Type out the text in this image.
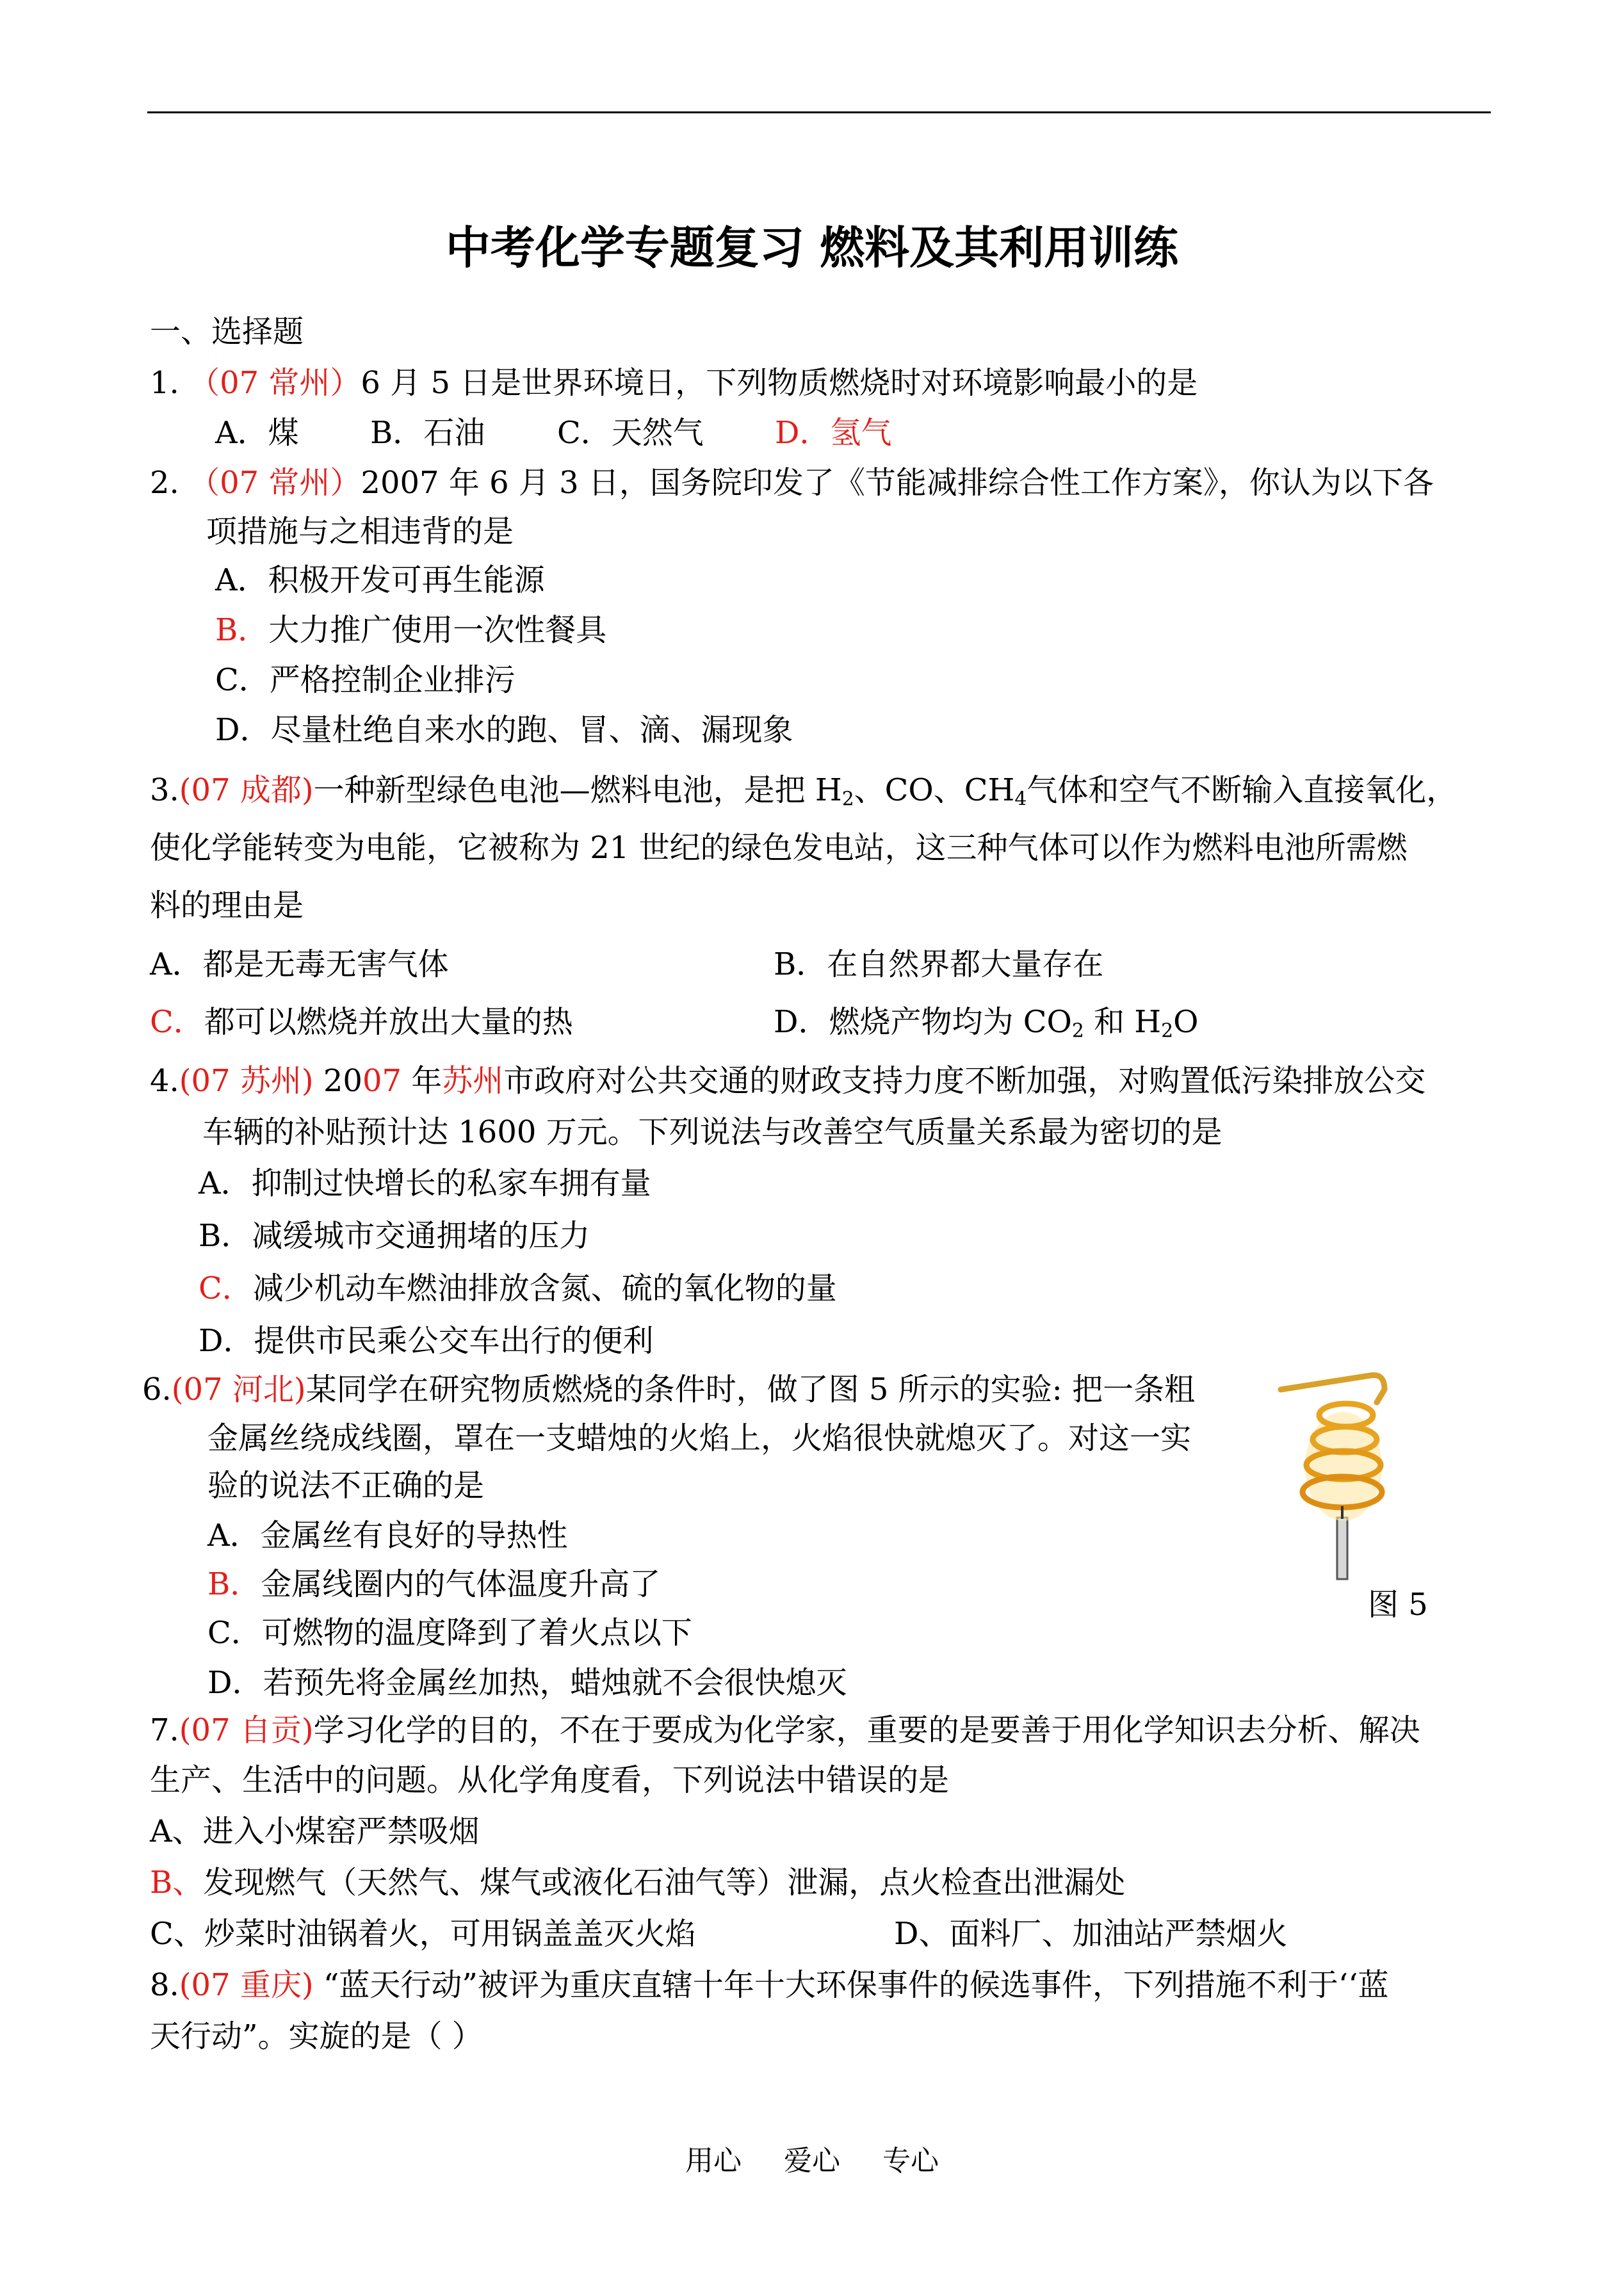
中考化学专题复习 燃料及其利用训练
一、选择题
1. （07 常州）6 月 5 日是世界环境日，下列物质燃烧时对环境影响最小的是
A．煤 B．石油 C．天然气 D．氢气
2. （07 常州）2007 年 6 月 3 日，国务院印发了《节能减排综合性工作方案》，你认为以下各
项措施与之相违背的是
A．积极开发可再生能源
B．大力推广使用一次性餐具
C．严格控制企业排污
D．尽量杜绝自来水的跑、冒、滴、漏现象
3.(07 成都)一种新型绿色电池—燃料电池，是把 $H_2$、CO、$CH_4$气体和空气不断输入直接氧化，
使化学能转变为电能，它被称为 21 世纪的绿色发电站，这三种气体可以作为燃料电池所需燃
料的理由是
A．都是无毒无害气体	B．在自然界都大量存在
C．都可以燃烧并放出大量的热	D．燃烧产物均为 $CO_2$ 和 $H_2O$
4.(07 苏州) 2007 年苏州市政府对公共交通的财政支持力度不断加强，对购置低污染排放公交
车辆的补贴预计达 1600 万元。下列说法与改善空气质量关系最为密切的是
A．抑制过快增长的私家车拥有量
B．减缓城市交通拥堵的压力
C．减少机动车燃油排放含氮、硫的氧化物的量
D．提供市民乘公交车出行的便利
6.(07 河北)某同学在研究物质燃烧的条件时，做了图 5 所示的实验: 把一条粗
金属丝绕成线圈，罩在一支蜡烛的火焰上，火焰很快就熄灭了。对这一实
验的说法不正确的是
A．金属丝有良好的导热性
B．金属线圈内的气体温度升高了
C．可燃物的温度降到了着火点以下
D．若预先将金属丝加热，蜡烛就不会很快熄灭
图 5
7.(07 自贡)学习化学的目的，不在于要成为化学家，重要的是要善于用化学知识去分析、解决
生产、生活中的问题。从化学角度看，下列说法中错误的是
A、进入小煤窑严禁吸烟
B、发现燃气（天然气、煤气或液化石油气等）泄漏，点火检查出泄漏处
C、炒菜时油锅着火，可用锅盖盖灭火焰	D、面料厂、加油站严禁烟火
8.(07 重庆) “蓝天行动”被评为重庆直辖十年十大环保事件的候选事件，下列措施不利于‘‘蓝
天行动”。实旋的是（ ）
用心 爱心 专心
